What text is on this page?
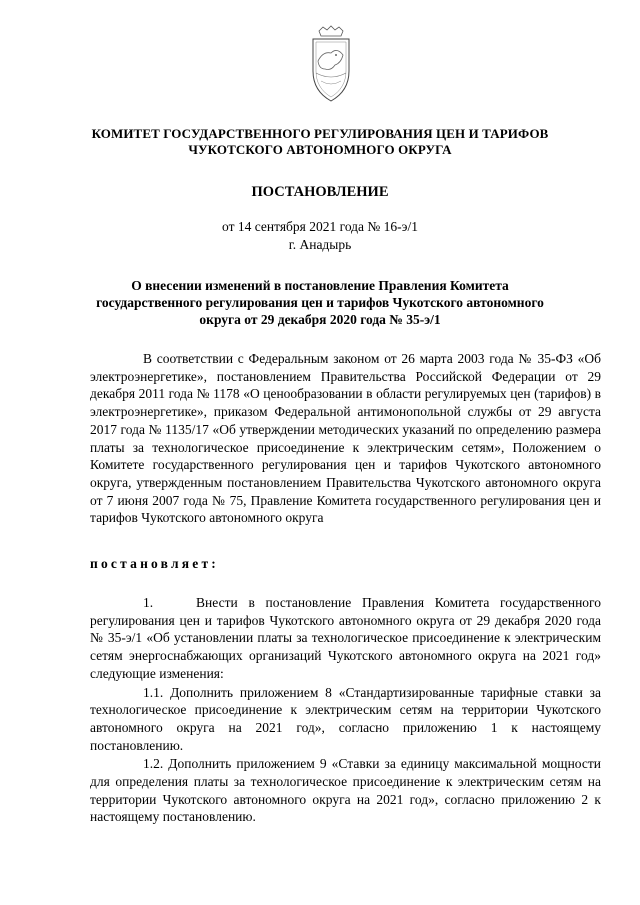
КОМИТЕТ ГОСУДАРСТВЕННОГО РЕГУЛИРОВАНИЯ ЦЕН И ТАРИФОВ
ЧУКОТСКОГО АВТОНОМНОГО ОКРУГА
ПОСТАНОВЛЕНИЕ
от 14 сентября 2021 года № 16-э/1
г. Анадырь
О внесении изменений в постановление Правления Комитета
государственного регулирования цен и тарифов Чукотского автономного
округа от 29 декабря 2020 года № 35-э/1

В соответствии с Федеральным законом от 26 марта 2003 года № 35-ФЗ «Об электроэнергетике», постановлением Правительства Российской Федерации от 29 декабря 2011 года № 1178 «О ценообразовании в области регулируемых цен (тарифов) в электроэнергетике», приказом Федеральной антимонопольной службы от 29 августа 2017 года № 1135/17 «Об утверждении методических указаний по определению размера платы за технологическое присоединение к электрическим сетям», Положением о Комитете государственного регулирования цен и тарифов Чукотского автономного округа, утвержденным постановлением Правительства Чукотского автономного округа от 7 июня 2007 года № 75, Правление Комитета государственного регулирования цен и тарифов Чукотского автономного округа

постановляет:

1.    Внести в постановление Правления Комитета государственного регулирования цен и тарифов Чукотского автономного округа от 29 декабря 2020 года № 35-э/1 «Об установлении платы за технологическое присоединение к электрическим сетям энергоснабжающих организаций Чукотского автономного округа на 2021 год» следующие изменения:

1.1. Дополнить приложением 8 «Стандартизированные тарифные ставки за технологическое присоединение к электрическим сетям на территории Чукотского автономного округа на 2021 год», согласно приложению 1 к настоящему постановлению.

1.2. Дополнить приложением 9 «Ставки за единицу максимальной мощности для определения платы за технологическое присоединение к электрическим сетям на территории Чукотского автономного округа на 2021 год», согласно приложению 2 к настоящему постановлению.
